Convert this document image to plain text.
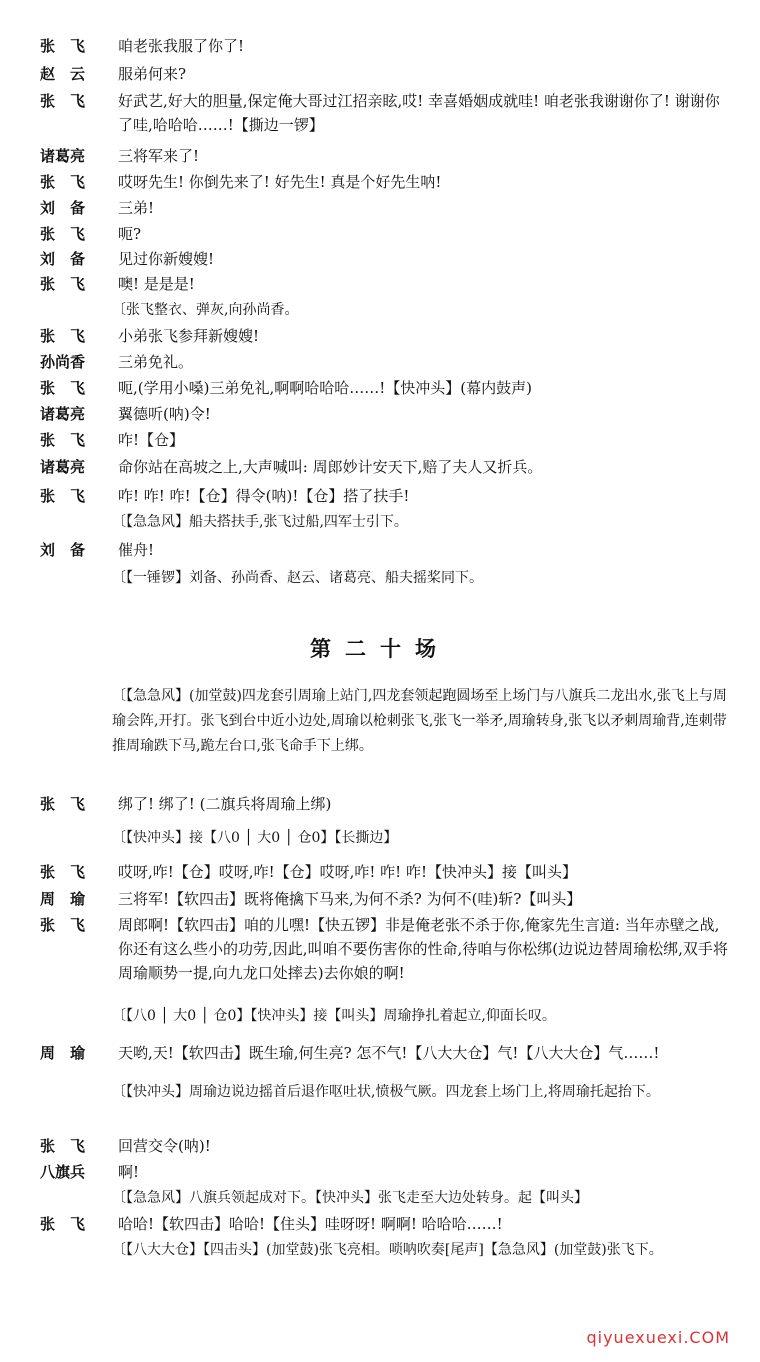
张　飞 咱老张我服了你了!
赵　云 服弟何来?
张　飞 好武艺,好大的胆量,保定俺大哥过江招亲眩,哎! 幸喜婚姻成就哇! 咱老张我谢谢你了! 谢谢你了哇,哈哈哈……!【撕边一锣】
诸葛亮 三将军来了!
张　飞 哎呀先生! 你倒先来了! 好先生! 真是个好先生呐!
刘　备 三弟!
张　飞 呃?
刘　备 见过你新嫂嫂!
张　飞 噢! 是是是!
〔张飞整衣、弹灰,向孙尚香。
张　飞 小弟张飞参拜新嫂嫂!
孙尚香 三弟免礼。
张　飞 呃,(学用小嗓)三弟免礼,啊啊哈哈哈……!【快冲头】(幕内鼓声)
诸葛亮 翼德听(呐)令!
张　飞 咋!【仓】
诸葛亮 命你站在高坡之上,大声喊叫: 周郎妙计安天下,赔了夫人又折兵。
张　飞 咋! 咋! 咋!【仓】得令(呐)!【仓】搭了扶手!
〔【急急风】船夫搭扶手,张飞过船,四军士引下。
刘　备 催舟!
〔【一锤锣】刘备、孙尚香、赵云、诸葛亮、船夫摇桨同下。
第二十场
〔【急急风】(加堂鼓)四龙套引周瑜上站门,四龙套领起跑圆场至上场门与八旗兵二龙出水,张飞上与周瑜会阵,开打。张飞到台中近小边处,周瑜以枪刺张飞,张飞一举矛,周瑜转身,张飞以矛刺周瑜背,连刺带推周瑜跌下马,跪左台口,张飞命手下上绑。
张　飞 绑了! 绑了! (二旗兵将周瑜上绑)
〔【快冲头】接【八0 │ 大0 │ 仓0】【长撕边】
张　飞 哎呀,咋!【仓】哎呀,咋!【仓】哎呀,咋! 咋! 咋!【快冲头】接【叫头】
周　瑜 三将军!【软四击】既将俺擒下马来,为何不杀? 为何不(哇)斩?【叫头】
张　飞 周郎啊!【软四击】咱的儿嘿!【快五锣】非是俺老张不杀于你,俺家先生言道: 当年赤壁之战,你还有这么些小的功劳,因此,叫咱不要伤害你的性命,待咱与你松绑(边说边替周瑜松绑,双手将周瑜顺势一提,向九龙口处摔去)去你娘的啊!
〔【八0 │ 大0 │ 仓0】【快冲头】接【叫头】周瑜挣扎着起立,仰面长叹。
周　瑜 天哟,天!【软四击】既生瑜,何生亮? 怎不气!【八大大仓】气!【八大大仓】气……!
〔【快冲头】周瑜边说边摇首后退作呕吐状,愤极气厥。四龙套上场门上,将周瑜托起抬下。
张　飞 回营交令(呐)!
八旗兵 啊!
〔【急急风】八旗兵领起成对下。【快冲头】张飞走至大边处转身。起【叫头】
张　飞 哈哈!【软四击】哈哈!【住头】哇呀呀! 啊啊! 哈哈哈……!
〔【八大大仓】【四击头】(加堂鼓)张飞亮相。唢呐吹奏[尾声]【急急风】(加堂鼓)张飞下。
qiyuexuexi.COM
